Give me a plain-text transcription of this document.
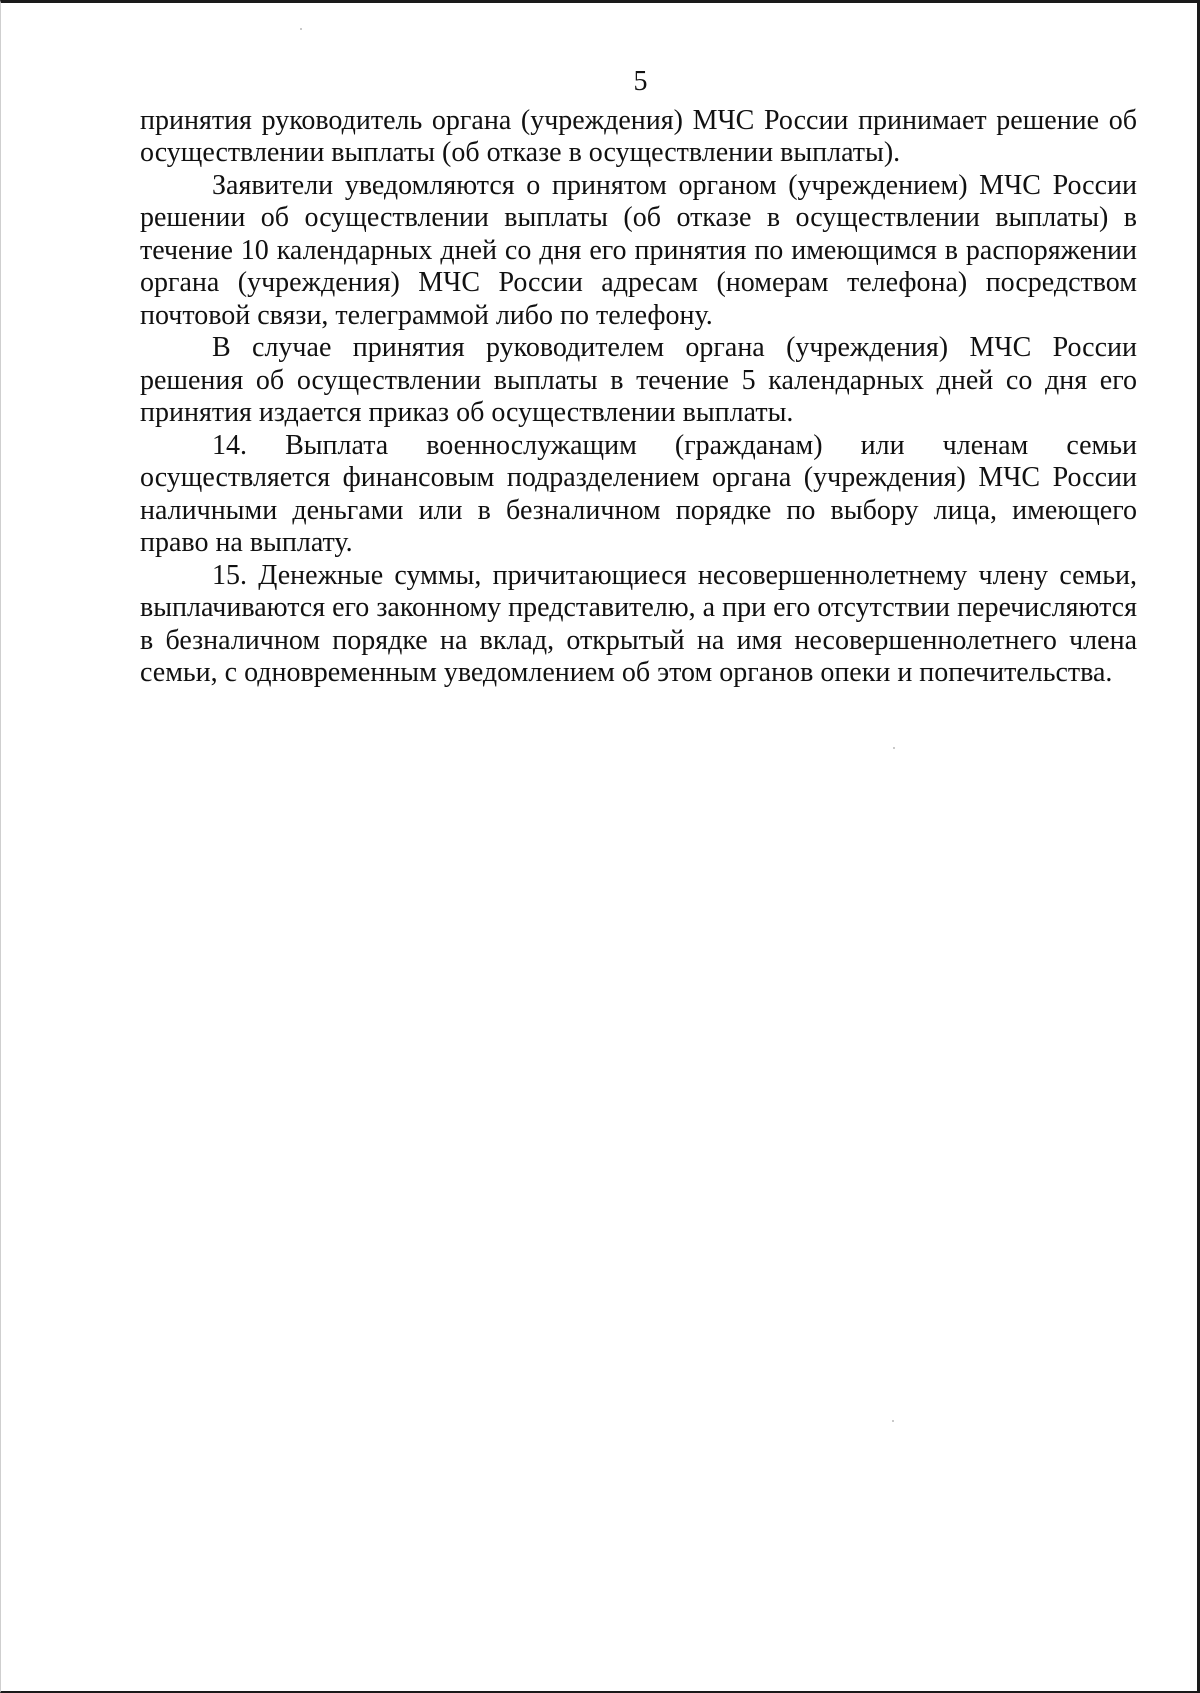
5

принятия руководитель органа (учреждения) МЧС России принимает решение об осуществлении выплаты (об отказе в осуществлении выплаты).

Заявители уведомляются о принятом органом (учреждением) МЧС России решении об осуществлении выплаты (об отказе в осуществлении выплаты) в течение 10 календарных дней со дня его принятия по имеющимся в распоряжении органа (учреждения) МЧС России адресам (номерам телефона) посредством почтовой связи, телеграммой либо по телефону.

В случае принятия руководителем органа (учреждения) МЧС России решения об осуществлении выплаты в течение 5 календарных дней со дня его принятия издается приказ об осуществлении выплаты.

14. Выплата военнослужащим (гражданам) или членам семьи осуществляется финансовым подразделением органа (учреждения) МЧС России наличными деньгами или в безналичном порядке по выбору лица, имеющего право на выплату.

15. Денежные суммы, причитающиеся несовершеннолетнему члену семьи, выплачиваются его законному представителю, а при его отсутствии перечисляются в безналичном порядке на вклад, открытый на имя несовершеннолетнего члена семьи, с одновременным уведомлением об этом органов опеки и попечительства.
